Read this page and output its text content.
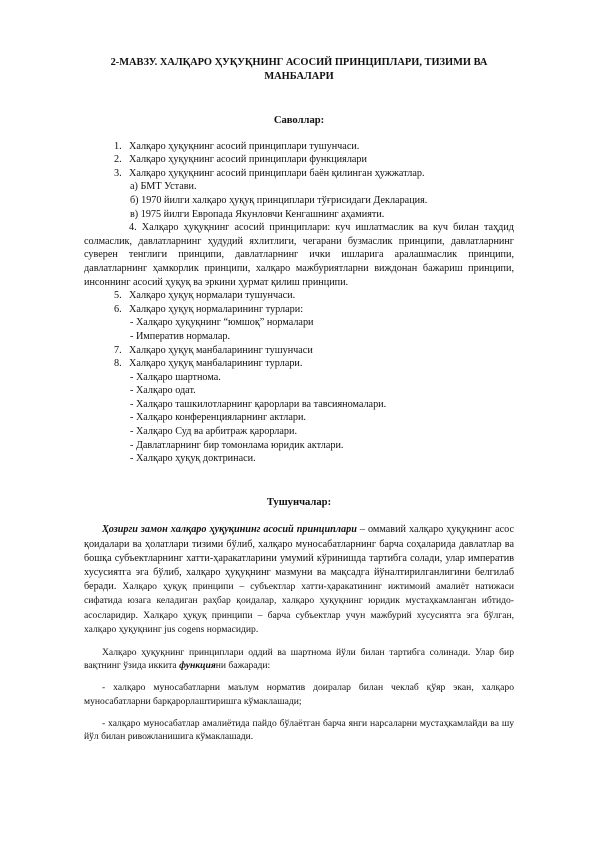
2-МАВЗУ. ХАЛҚАРО ҲУҚУҚНИНГ АСОСИЙ ПРИНЦИПЛАРИ, ТИЗИМИ ВА МАНБАЛАРИ
Саволлар:
1. Халқаро ҳуқуқнинг асосий принциплари тушунчаси.
2. Халқаро ҳуқуқнинг асосий принциплари функциялари
3. Халқаро ҳуқуқнинг асосий принциплари баён қилинган ҳужжатлар.
а) БМТ Устави.
б) 1970 йилги халқаро ҳуқуқ принциплари тўғрисидаги Декларация.
в) 1975 йилги Европада Якунловчи Кенгашнинг аҳамияти.
4. Халқаро ҳуқуқнинг асосий принциплари: куч ишлатмаслик ва куч билан таҳдид солмаслик, давлатларнинг ҳудудий яхлитлиги, чегарани бузмаслик принципи, давлатларнинг суверен тенглиги принципи, давлатларнинг ички ишларига аралашмаслик принципи, давлатларнинг ҳамкорлик принципи, халқаро мажбуриятларни виждонан бажариш принципи, инсоннинг асосий ҳуқуқ ва эркини ҳурмат қилиш принципи.
5. Халқаро ҳуқуқ нормалари тушунчаси.
6. Халқаро ҳуқуқ нормаларининг турлари:
- Халқаро ҳуқуқнинг “юмшоқ” нормалари
- Императив нормалар.
7. Халқаро ҳуқуқ манбаларининг тушунчаси
8. Халқаро ҳуқуқ манбаларининг турлари.
- Халқаро шартнома.
- Халқаро одат.
- Халқаро ташкилотларнинг қарорлари ва тавсияномалари.
- Халқаро конференцияларнинг актлари.
- Халқаро Суд ва арбитраж қарорлари.
- Давлатларнинг бир томонлама юридик актлари.
- Халқаро ҳуқуқ доктринаси.
Тушунчалар:

Ҳозирги замон халқаро ҳуқуқининг асосий принциплари – оммавий халқаро ҳуқуқнинг асос қоидалари ва ҳолатлари тизими бўлиб, халқаро муносабатларнинг барча соҳаларида давлатлар ва бошқа субъектларнинг хатти-ҳаракатларини умумий кўринишда тартибга солади, улар императив хусусиятга эга бўлиб, халқаро ҳуқуқнинг мазмуни ва мақсадга йўналтирилганлигини белгилаб беради. Халқаро ҳуқуқ принципи – субъектлар хатти-ҳаракатининг ижтимоий амалиёт натижаси сифатида юзага келадиган раҳбар қоидалар, халқаро ҳуқуқнинг юридик мустаҳкамланган ибтидо-асосларидир. Халқаро ҳуқуқ принципи – барча субъектлар учун мажбурий хусусиятга эга бўлган, халқаро ҳуқуқнинг jus cogens нормасидир.

Халқаро ҳуқуқнинг принциплари оддий ва шартнома йўли билан тартибга солинади. Улар бир вақтнинг ўзида иккита функцияни бажаради:

- халқаро муносабатларни маълум норматив доиралар билан чеклаб қўяр экан, халқаро муносабатларни барқарорлаштиришга кўмаклашади;

- халқаро муносабатлар амалиётида пайдо бўлаётган барча янги нарсаларни мустаҳкамлайди ва шу йўл билан ривожланишига кўмаклашади.
